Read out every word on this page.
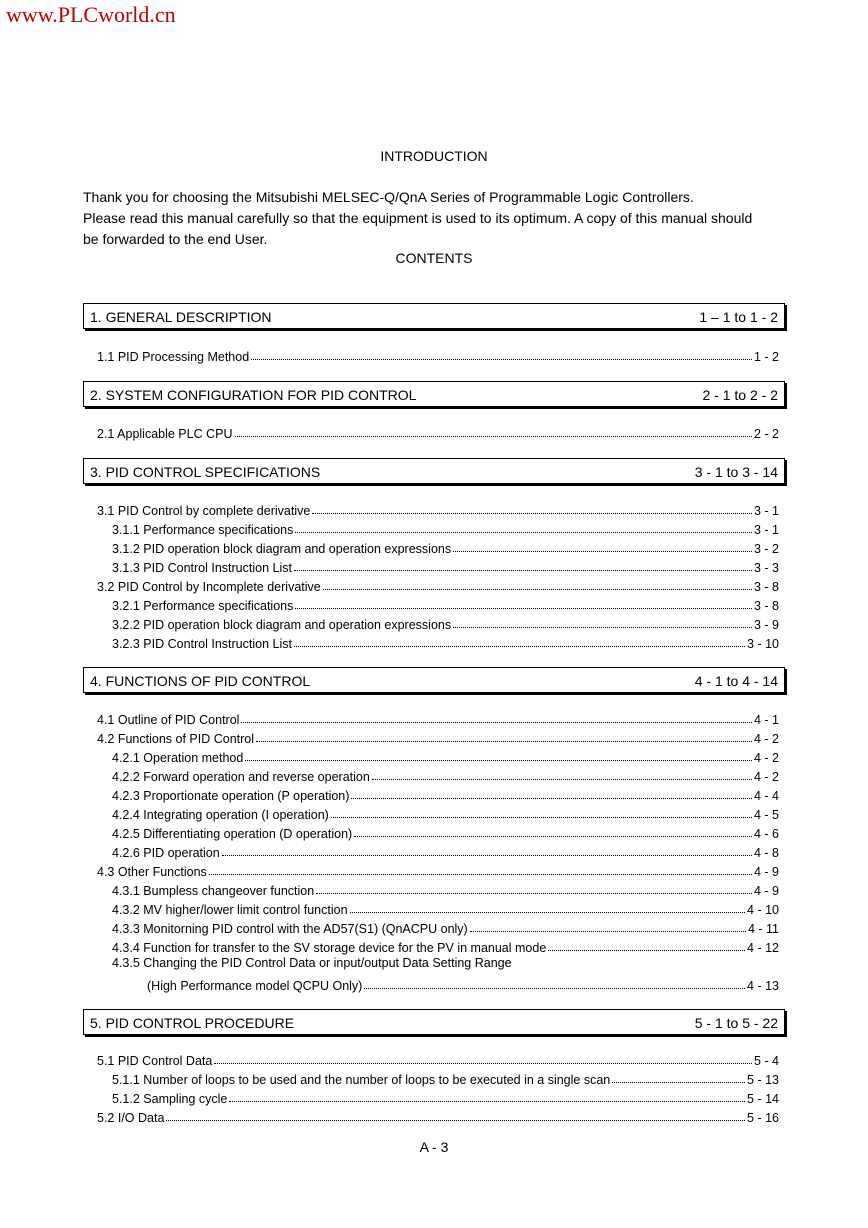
www.PLCworld.cn
INTRODUCTION

Thank you for choosing the Mitsubishi MELSEC-Q/QnA Series of Programmable Logic Controllers.

Please read this manual carefully so that the equipment is used to its optimum. A copy of this manual should

be forwarded to the end User.

CONTENTS
1. GENERAL DESCRIPTION	1 – 1 to 1 - 2
2. SYSTEM CONFIGURATION FOR PID CONTROL	2 - 1 to 2 - 2
3. PID CONTROL SPECIFICATIONS	3 - 1 to 3 - 14
4. FUNCTIONS OF PID CONTROL	4 - 1 to 4 - 14
5. PID CONTROL PROCEDURE	5 - 1 to 5 - 22
1.1 PID Processing Method	1 - 2
2.1 Applicable PLC CPU	2 - 2
3.1 PID Control by complete derivative	3 - 1
3.1.1 Performance specifications	3 - 1
3.1.2 PID operation block diagram and operation expressions	3 - 2
3.1.3 PID Control Instruction List	3 - 3
3.2 PID Control by Incomplete derivative	3 - 8
3.2.1 Performance specifications	3 - 8
3.2.2 PID operation block diagram and operation expressions	3 - 9
3.2.3 PID Control Instruction List	3 - 10
4.1 Outline of PID Control	4 - 1
4.2 Functions of PID Control	4 - 2
4.2.1 Operation method	4 - 2
4.2.2 Forward operation and reverse operation	4 - 2
4.2.3 Proportionate operation (P operation)	4 - 4
4.2.4 Integrating operation (I operation)	4 - 5
4.2.5 Differentiating operation (D operation)	4 - 6
4.2.6 PID operation	4 - 8
4.3 Other Functions	4 - 9
4.3.1 Bumpless changeover function	4 - 9
4.3.2 MV higher/lower limit control function	4 - 10
4.3.3 Monitorning PID control with the AD57(S1) (QnACPU only)	4 - 11
4.3.4 Function for transfer to the SV storage device for the PV in manual mode	4 - 12
4.3.5 Changing the PID Control Data or input/output Data Setting Range
(High Performance model QCPU Only)	4 - 13
5.1 PID Control Data	5 - 4
5.1.1 Number of loops to be used and the number of loops to be executed in a single scan	5 - 13
5.1.2 Sampling cycle	5 - 14
5.2 I/O Data	5 - 16
A - 3
